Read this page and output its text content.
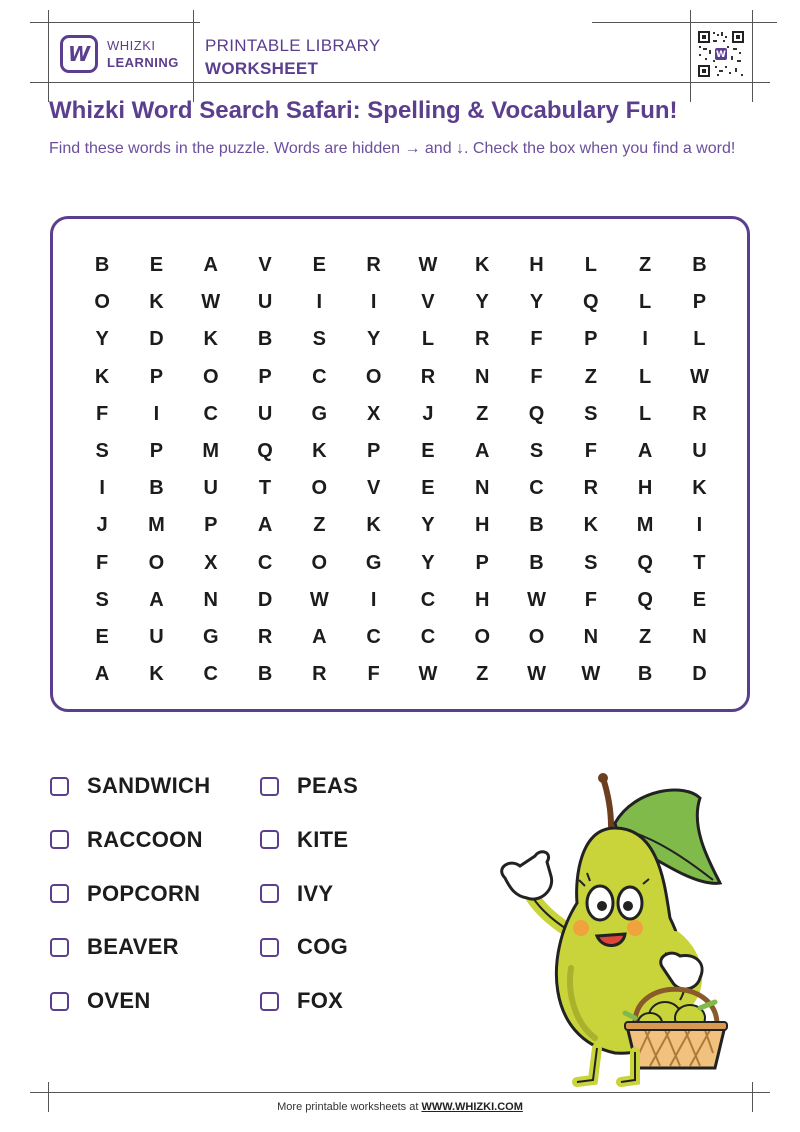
W WHIZKI
LEARNING
PRINTABLE LIBRARY
WORKSHEET
W
Whizki Word Search Safari: Spelling & Vocabulary Fun!
Find these words in the puzzle. Words are hidden → and ↓. Check the box when you find a word!
B	E	A	V	E	R	W	K	H	L	Z	B
O	K	W	U	I	I	V	Y	Y	Q	L	P
Y	D	K	B	S	Y	L	R	F	P	I	L
K	P	O	P	C	O	R	N	F	Z	L	W
F	I	C	U	G	X	J	Z	Q	S	L	R
S	P	M	Q	K	P	E	A	S	F	A	U
I	B	U	T	O	V	E	N	C	R	H	K
J	M	P	A	Z	K	Y	H	B	K	M	I
F	O	X	C	O	G	Y	P	B	S	Q	T
S	A	N	D	W	I	C	H	W	F	Q	E
E	U	G	R	A	C	C	O	O	N	Z	N
A	K	C	B	R	F	W	Z	W	W	B	D
SANDWICH
RACCOON
POPCORN
BEAVER
OVEN
PEAS
KITE
IVY
COG
FOX
More printable worksheets at WWW.WHIZKI.COM
